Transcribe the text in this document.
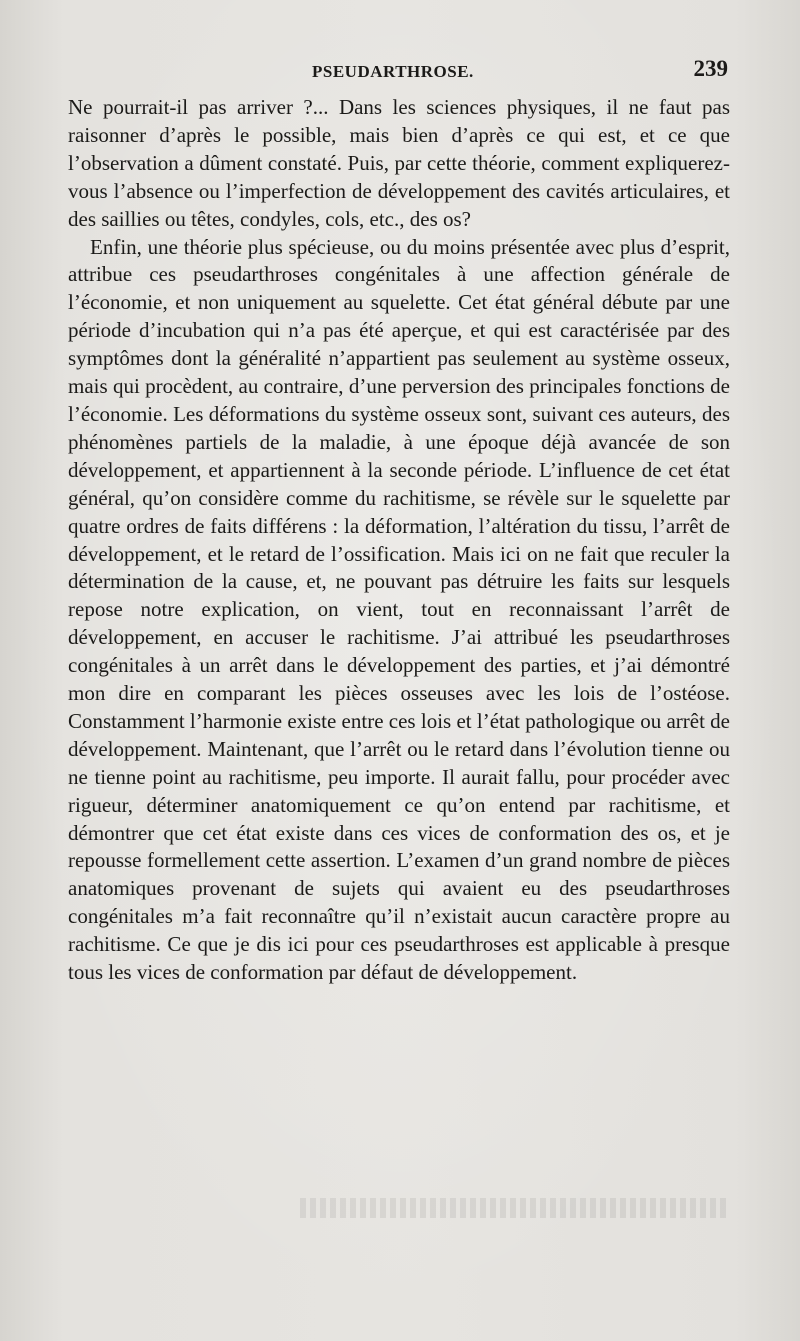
PSEUDARTHROSE.	239

Ne pourrait-il pas arriver ?... Dans les sciences physiques, il ne faut pas raisonner d’après le possible, mais bien d’après ce qui est, et ce que l’observation a dûment constaté. Puis, par cette théorie, comment expliquerez-vous l’absence ou l’imperfection de développement des cavités articulaires, et des saillies ou têtes, condyles, cols, etc., des os?

Enfin, une théorie plus spécieuse, ou du moins présentée avec plus d’esprit, attribue ces pseudarthroses congénitales à une affection générale de l’économie, et non uniquement au squelette. Cet état général débute par une période d’incubation qui n’a pas été aperçue, et qui est caractérisée par des symptômes dont la généralité n’appartient pas seulement au système osseux, mais qui procèdent, au contraire, d’une perversion des principales fonctions de l’économie. Les déformations du système osseux sont, suivant ces auteurs, des phénomènes partiels de la maladie, à une époque déjà avancée de son développement, et appartiennent à la seconde période. L’influence de cet état général, qu’on considère comme du rachitisme, se révèle sur le squelette par quatre ordres de faits différens : la déformation, l’altération du tissu, l’arrêt de développement, et le retard de l’ossification. Mais ici on ne fait que reculer la détermination de la cause, et, ne pouvant pas détruire les faits sur lesquels repose notre explication, on vient, tout en reconnaissant l’arrêt de développement, en accuser le rachitisme. J’ai attribué les pseudarthroses congénitales à un arrêt dans le développement des parties, et j’ai démontré mon dire en comparant les pièces osseuses avec les lois de l’ostéose. Constamment l’harmonie existe entre ces lois et l’état pathologique ou arrêt de développement. Maintenant, que l’arrêt ou le retard dans l’évolution tienne ou ne tienne point au rachitisme, peu importe. Il aurait fallu, pour procéder avec rigueur, déterminer anatomiquement ce qu’on entend par rachitisme, et démontrer que cet état existe dans ces vices de conformation des os, et je repousse formellement cette assertion. L’examen d’un grand nombre de pièces anatomiques provenant de sujets qui avaient eu des pseudarthroses congénitales m’a fait reconnaître qu’il n’existait aucun caractère propre au rachitisme. Ce que je dis ici pour ces pseudarthroses est applicable à presque tous les vices de conformation par défaut de développement.
